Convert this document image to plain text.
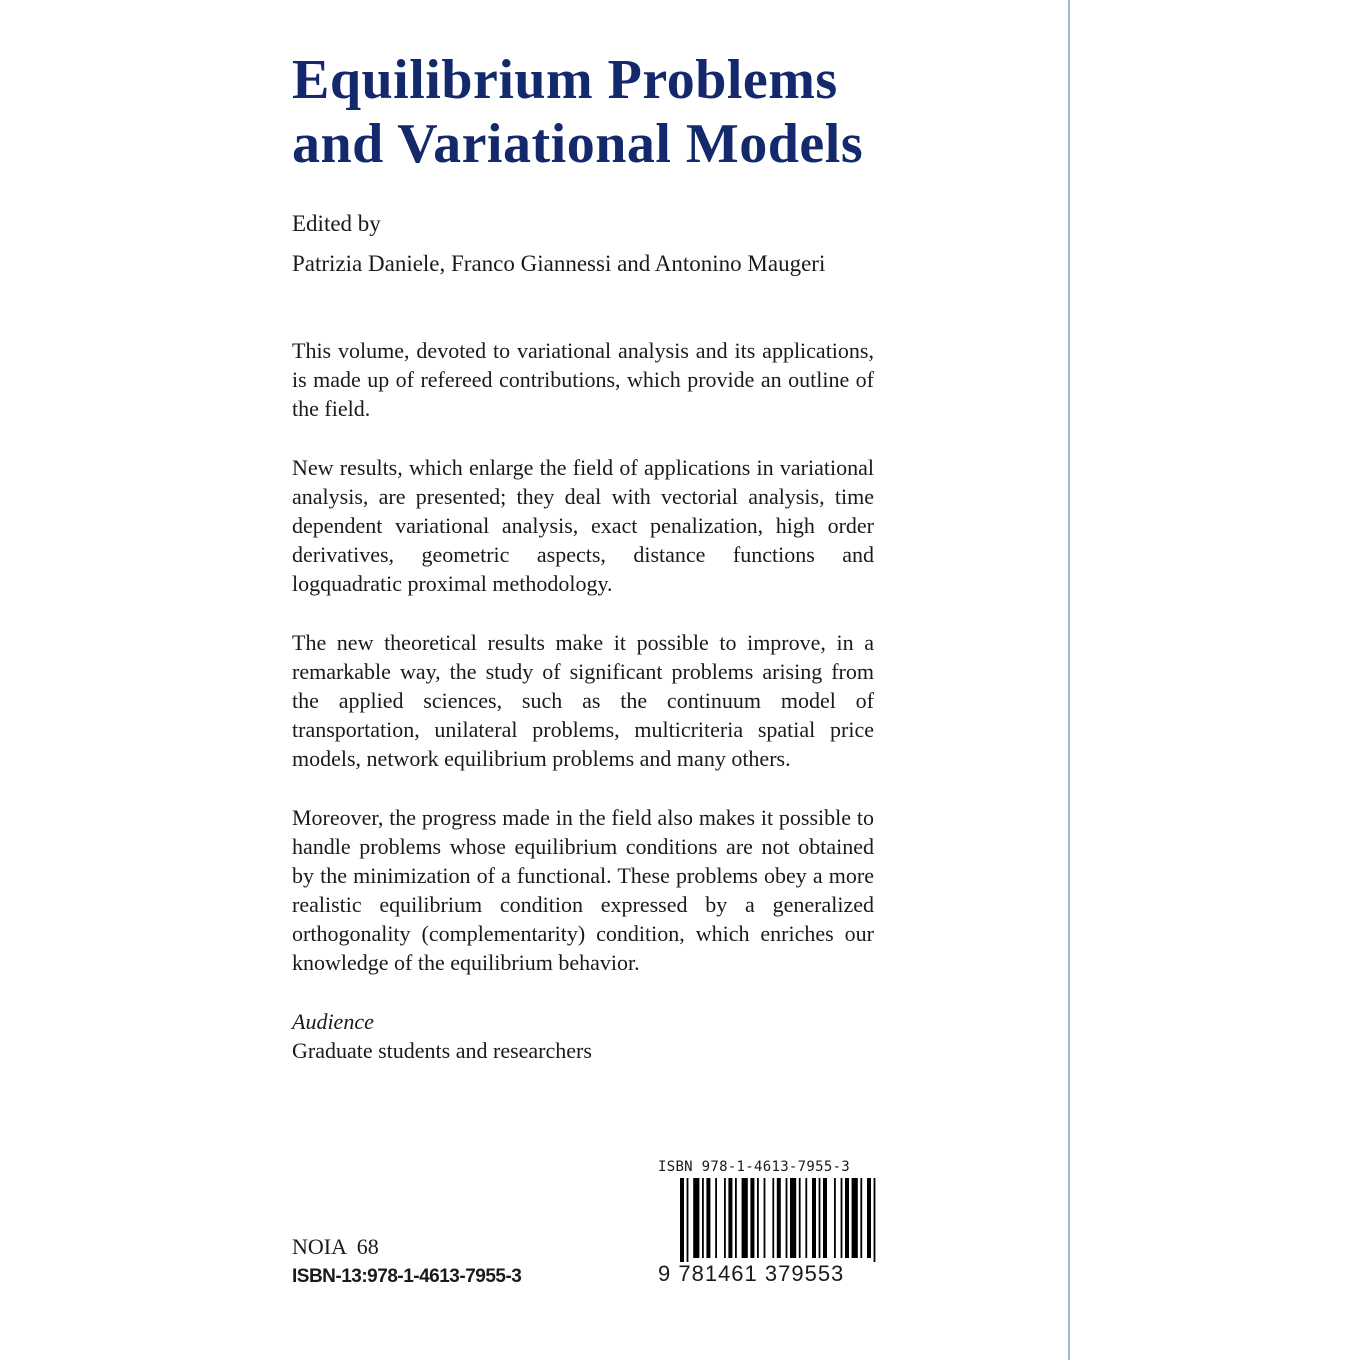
Equilibrium Problems
and Variational Models
Edited by
Patrizia Daniele, Franco Giannessi and Antonino Maugeri

This volume, devoted to variational analysis and its applications, is made up of refereed contributions, which provide an outline of the field.

New results, which enlarge the field of applications in variational analysis, are presented; they deal with vectorial analysis, time dependent variational analysis, exact penalization, high order derivatives, geometric aspects, distance functions and logquadratic proximal methodology.

The new theoretical results make it possible to improve, in a remarkable way, the study of significant problems arising from the applied sciences, such as the continuum model of transportation, unilateral problems, multicriteria spatial price models, network equilibrium problems and many others.

Moreover, the progress made in the field also makes it possible to handle problems whose equilibrium conditions are not obtained by the minimization of a functional. These problems obey a more realistic equilibrium condition expressed by a generalized orthogonality (complementarity) condition, which enriches our knowledge of the equilibrium behavior.

Audience

Graduate students and researchers

NOIA  68
ISBN-13:978-1-4613-7955-3
ISBN 978-1-4613-7955-3
9 781461 379553
